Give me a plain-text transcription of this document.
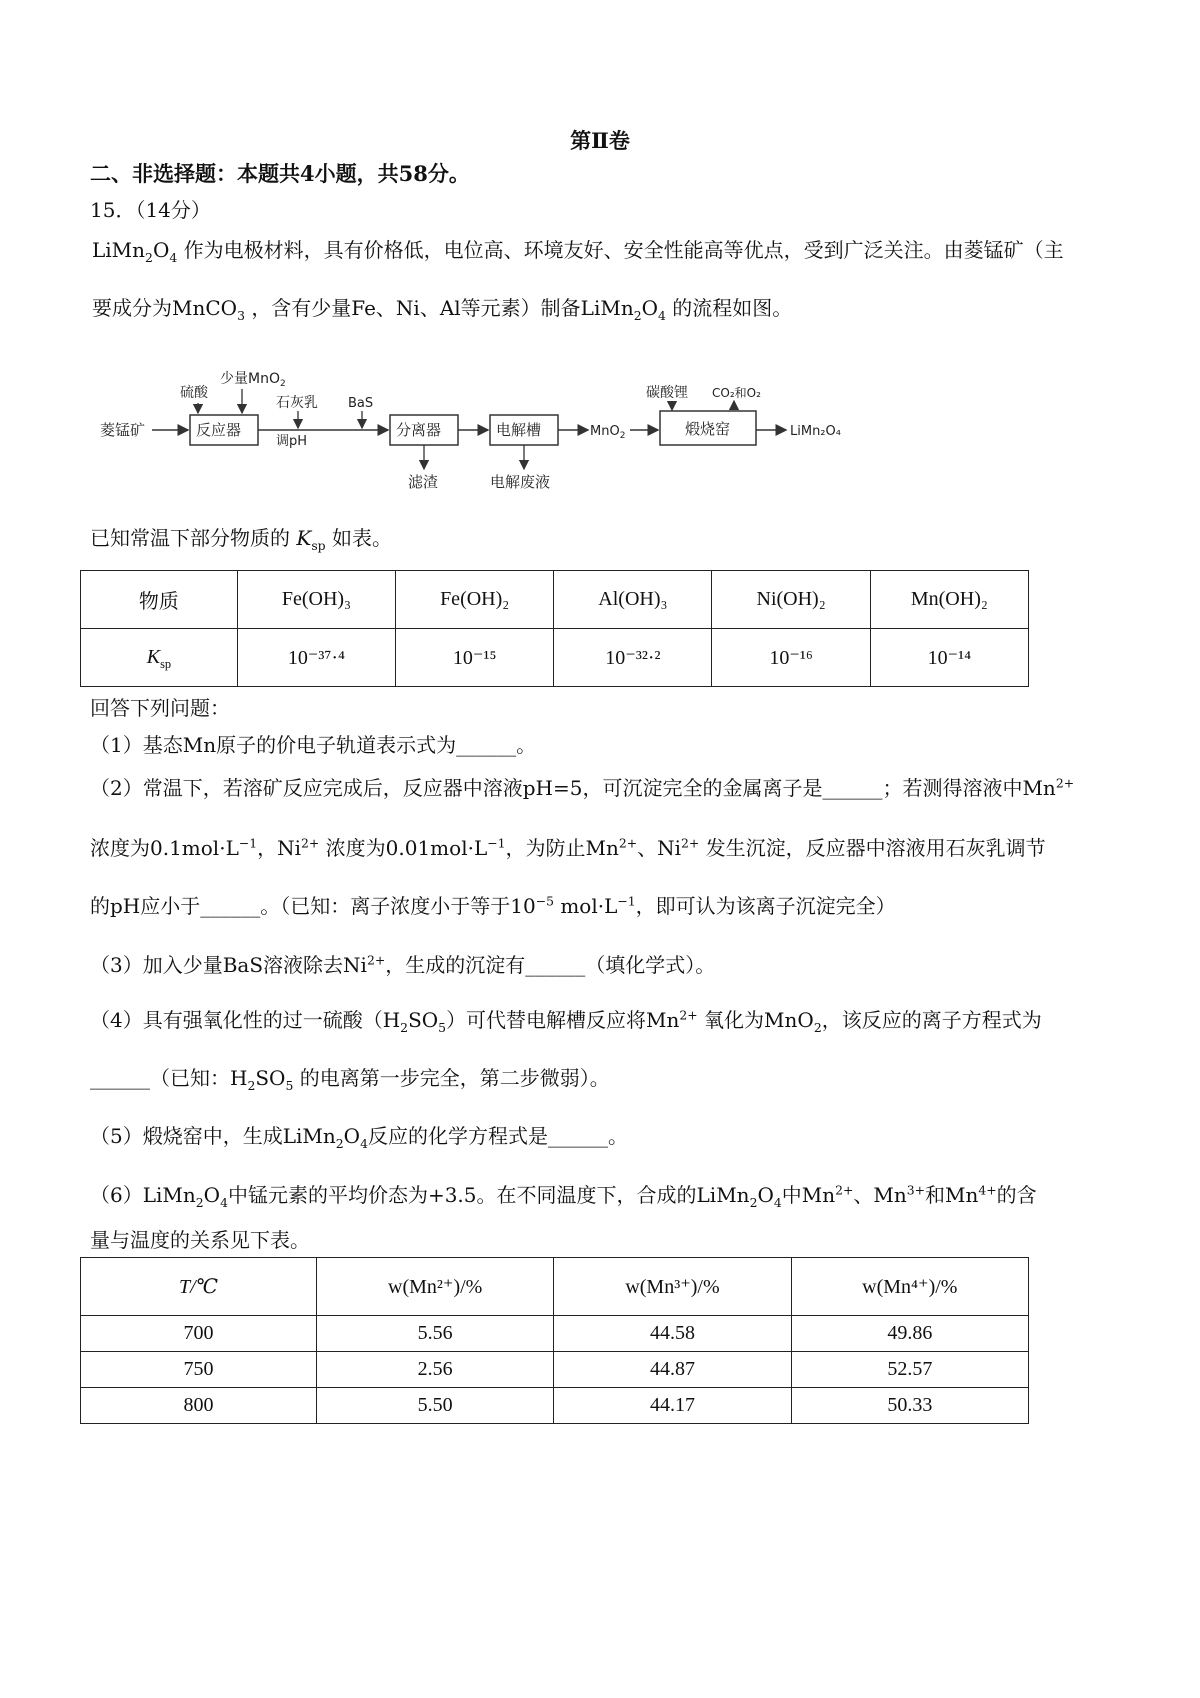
第Ⅱ卷
二、非选择题：本题共4小题，共58分。
15．（14分）
$LiMn_2O_4$ 作为电极材料，具有价格低，电位高、环境友好、安全性能高等优点，受到广泛关注。由菱锰矿（主
要成分为MnCO$_3$ ，含有少量Fe、Ni、Al等元素）制备$LiMn_2O_4$ 的流程如图。
菱锰矿	反应器
硫酸
少量MnO$_2$
石灰乳
调pH
BaS
分离器
滤渣
电解槽
电解废液
MnO$_2$	煅烧窑
碳酸锂 CO₂和O₂
LiMn₂O₄
已知常温下部分物质的 $K_{sp}$ 如表。
物质	Fe(OH)₃	Fe(OH)₂	Al(OH)₃	Ni(OH)₂	Mn(OH)₂
$K_{sp}$	10⁻³⁷·⁴	10⁻¹⁵	10⁻³²·²	10⁻¹⁶	10⁻¹⁴
回答下列问题：
（1）基态Mn原子的价电子轨道表示式为______。
（2）常温下，若溶矿反应完成后，反应器中溶液pH=5，可沉淀完全的金属离子是______；若测得溶液中$Mn^{2+}$
浓度为$0.1mol\cdot L^{-1}$，$Ni^{2+}$ 浓度为$0.01mol\cdot L^{-1}$，为防止$Mn^{2+}$、$Ni^{2+}$ 发生沉淀，反应器中溶液用石灰乳调节
的pH应小于______。（已知：离子浓度小于等于$10^{-5}$ $mol\cdot L^{-1}$，即可认为该离子沉淀完全）
（3）加入少量BaS溶液除去$Ni^{2+}$，生成的沉淀有______（填化学式）。
（4）具有强氧化性的过一硫酸$(H_2SO_5)$可代替电解槽反应将$Mn^{2+}$ 氧化为MnO$_2$，该反应的离子方程式为
______（已知：$H_2SO_5$ 的电离第一步完全，第二步微弱）。
（5）煅烧窑中，生成$LiMn_2O_4$反应的化学方程式是______。
$(6)LiMn_2O_4$中锰元素的平均价态为+3.5。在不同温度下，合成的$LiMn_2O_4$中$Mn^{2+}$、$Mn^{3+}$和$Mn^{4+}$的含
量与温度的关系见下表。
T/℃	w(Mn²⁺)/%	w(Mn³⁺)/%	w(Mn⁴⁺)/%
700	5.56	44.58	49.86
750	2.56	44.87	52.57
800	5.50	44.17	50.33
